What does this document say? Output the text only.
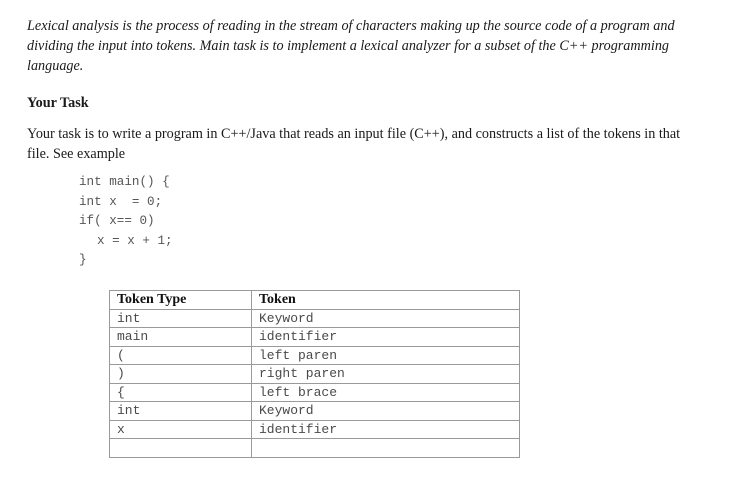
Lexical analysis is the process of reading in the stream of characters making up the source code of a program and dividing the input into tokens. Main task is to implement a lexical analyzer for a subset of the C++ programming language.

Your Task

Your task is to write a program in C++/Java that reads an input file (C++), and constructs a list of the tokens in that file. See example

int main() {
int x  = 0;
if( x== 0)
x = x + 1;
}
Token Type	Token
int	Keyword
main	identifier
(	left paren
)	right paren
{	left brace
int	Keyword
x	identifier
